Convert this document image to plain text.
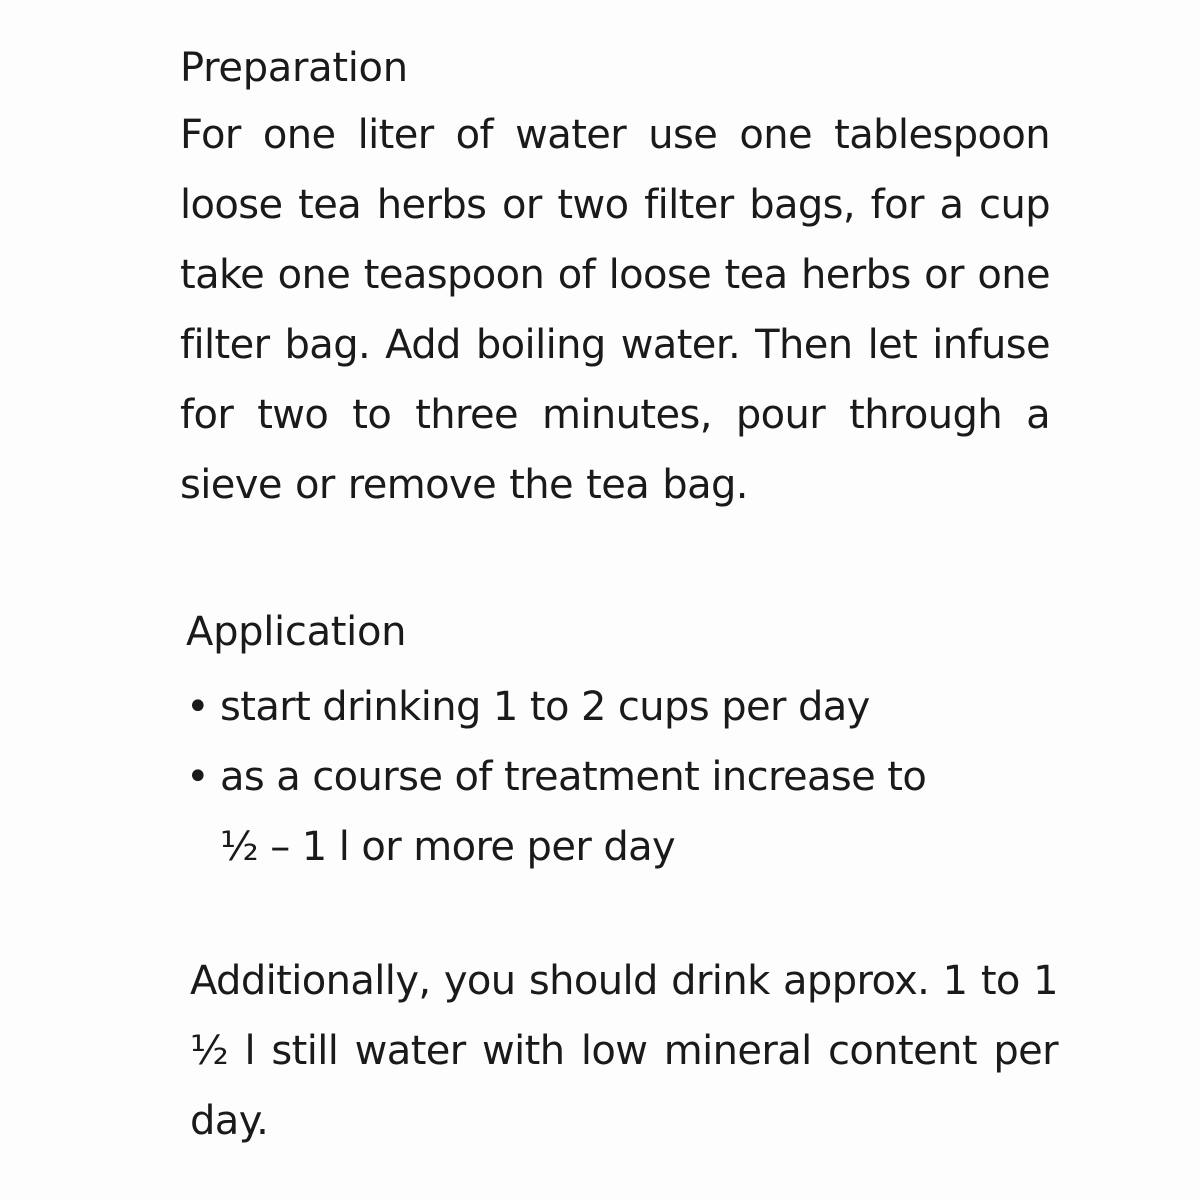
Preparation

For one liter of water use one tablespoon loose tea herbs or two filter bags, for a cup take one teaspoon of loose tea herbs or one filter bag. Add boiling water. Then let infuse for two to three minutes, pour through a sieve or remove the tea bag.

Application
• start drinking 1 to 2 cups per day
• as a course of treatment increase to ½ – 1 l or more per day

Additionally, you should drink approx. 1 to 1 ½ l still water with low mineral content per day.
